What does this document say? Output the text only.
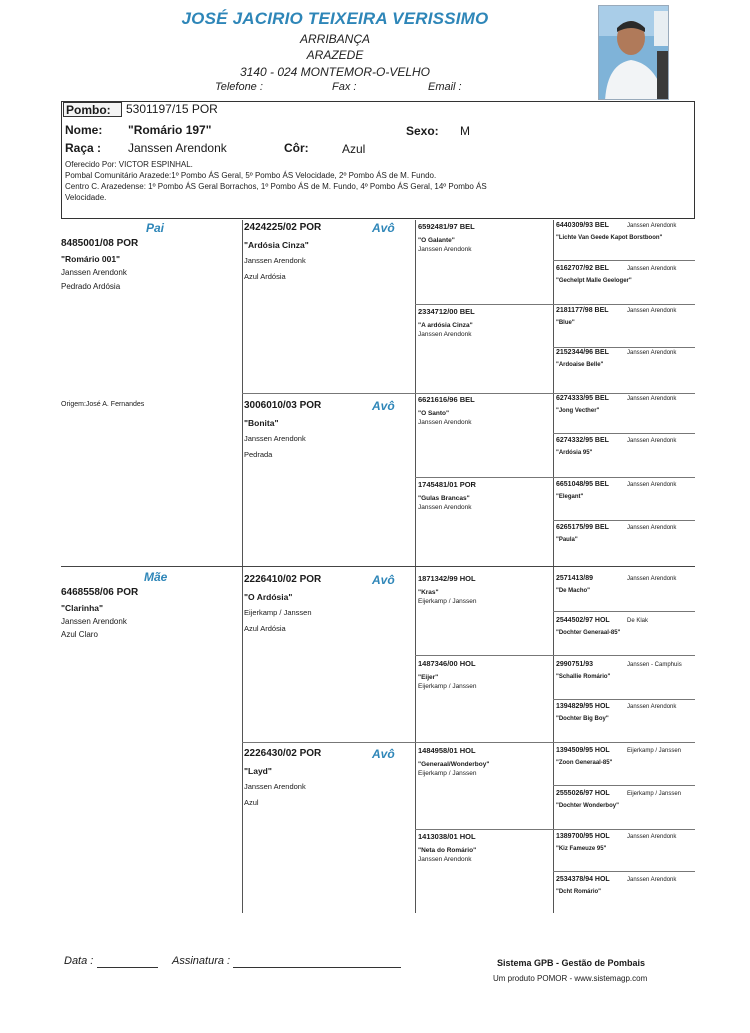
JOSÉ JACIRIO TEIXEIRA VERISSIMO
ARRIBANÇA
ARAZEDE
3140 - 024 MONTEMOR-O-VELHO
Telefone :	Fax :	Email :
Pombo:	5301197/15 POR
Nome: "Romário 197"	Sexo: M
Raça : Janssen Arendonk	Côr:	Azul
Oferecido Por: VICTOR ESPINHAL.
Pombal Comunitário Arazede:1º Pombo ÁS Geral, 5º Pombo ÁS Velocidade, 2º Pombo ÁS de M. Fundo.
Centro C. Arazedense: 1º Pombo ÁS Geral Borrachos, 1º Pombo ÁS de M. Fundo, 4º Pombo ÁS Geral, 14º Pombo ÁS
Velocidade.
Pai
8485001/08 POR
"Romário 001"
Janssen Arendonk
Pedrado Ardósia
Origem:José A. Fernandes
Mãe
6468558/06 POR
"Clarinha"
Janssen Arendonk
Azul Claro
2424225/02 POR	Avô
"Ardósia Cinza"
Janssen Arendonk
Azul Ardósia
3006010/03 POR	Avô
"Bonita"
Janssen Arendonk
Pedrada
2226410/02 POR	Avô
"O Ardósia"
Eijerkamp / Janssen
Azul Ardósia
2226430/02 POR	Avô
"Layd"
Janssen Arendonk
Azul
6592481/97 BEL
"O Galante"
Janssen Arendonk
2334712/00 BEL
"A ardósia Cinza"
Janssen Arendonk
6621616/96 BEL
"O Santo"
Janssen Arendonk
1745481/01 POR
"Gulas Brancas"
Janssen Arendonk
1871342/99 HOL
"Kras"
Eijerkamp / Janssen
1487346/00 HOL
"Eijer"
Eijerkamp / Janssen
1484958/01 HOL
"Generaal/Wonderboy"
Eijerkamp / Janssen
1413038/01 HOL
"Neta do Romário"
Janssen Arendonk
6440309/93 BEL	Janssen Arendonk
"Lichte Van Geede Kapot Borstboon"
6162707/92 BEL	Janssen Arendonk
"Gechelpt Malle Geeloger"
2181177/98 BEL	Janssen Arendonk
"Blue"
2152344/96 BEL	Janssen Arendonk
"Ardoaise Belle"
6274333/95 BEL	Janssen Arendonk
"Jong Vecther"
6274332/95 BEL	Janssen Arendonk
"Ardósia 95"
6651048/95 BEL	Janssen Arendonk
"Elegant"
6265175/99 BEL	Janssen Arendonk
"Paula"
2571413/89	Janssen Arendonk
"De Macho"
2544502/97 HOL	De Klak
"Dochter Generaal-85"
2990751/93	Janssen - Camphuis
"Schallie Romário"
1394829/95 HOL	Janssen Arendonk
"Dochter Big Boy"
1394509/95 HOL	Eijerkamp / Janssen
"Zoon Generaal-85"
2555026/97 HOL	Eijerkamp / Janssen
"Dochter Wonderboy"
1389700/95 HOL	Janssen Arendonk
"Kiz Fameuze 95"
2534378/94 HOL	Janssen Arendonk
"Dcht Romário"
Data :	Assinatura :	Sistema GPB - Gestão de Pombais
Um produto POMOR - www.sistemagp.com
